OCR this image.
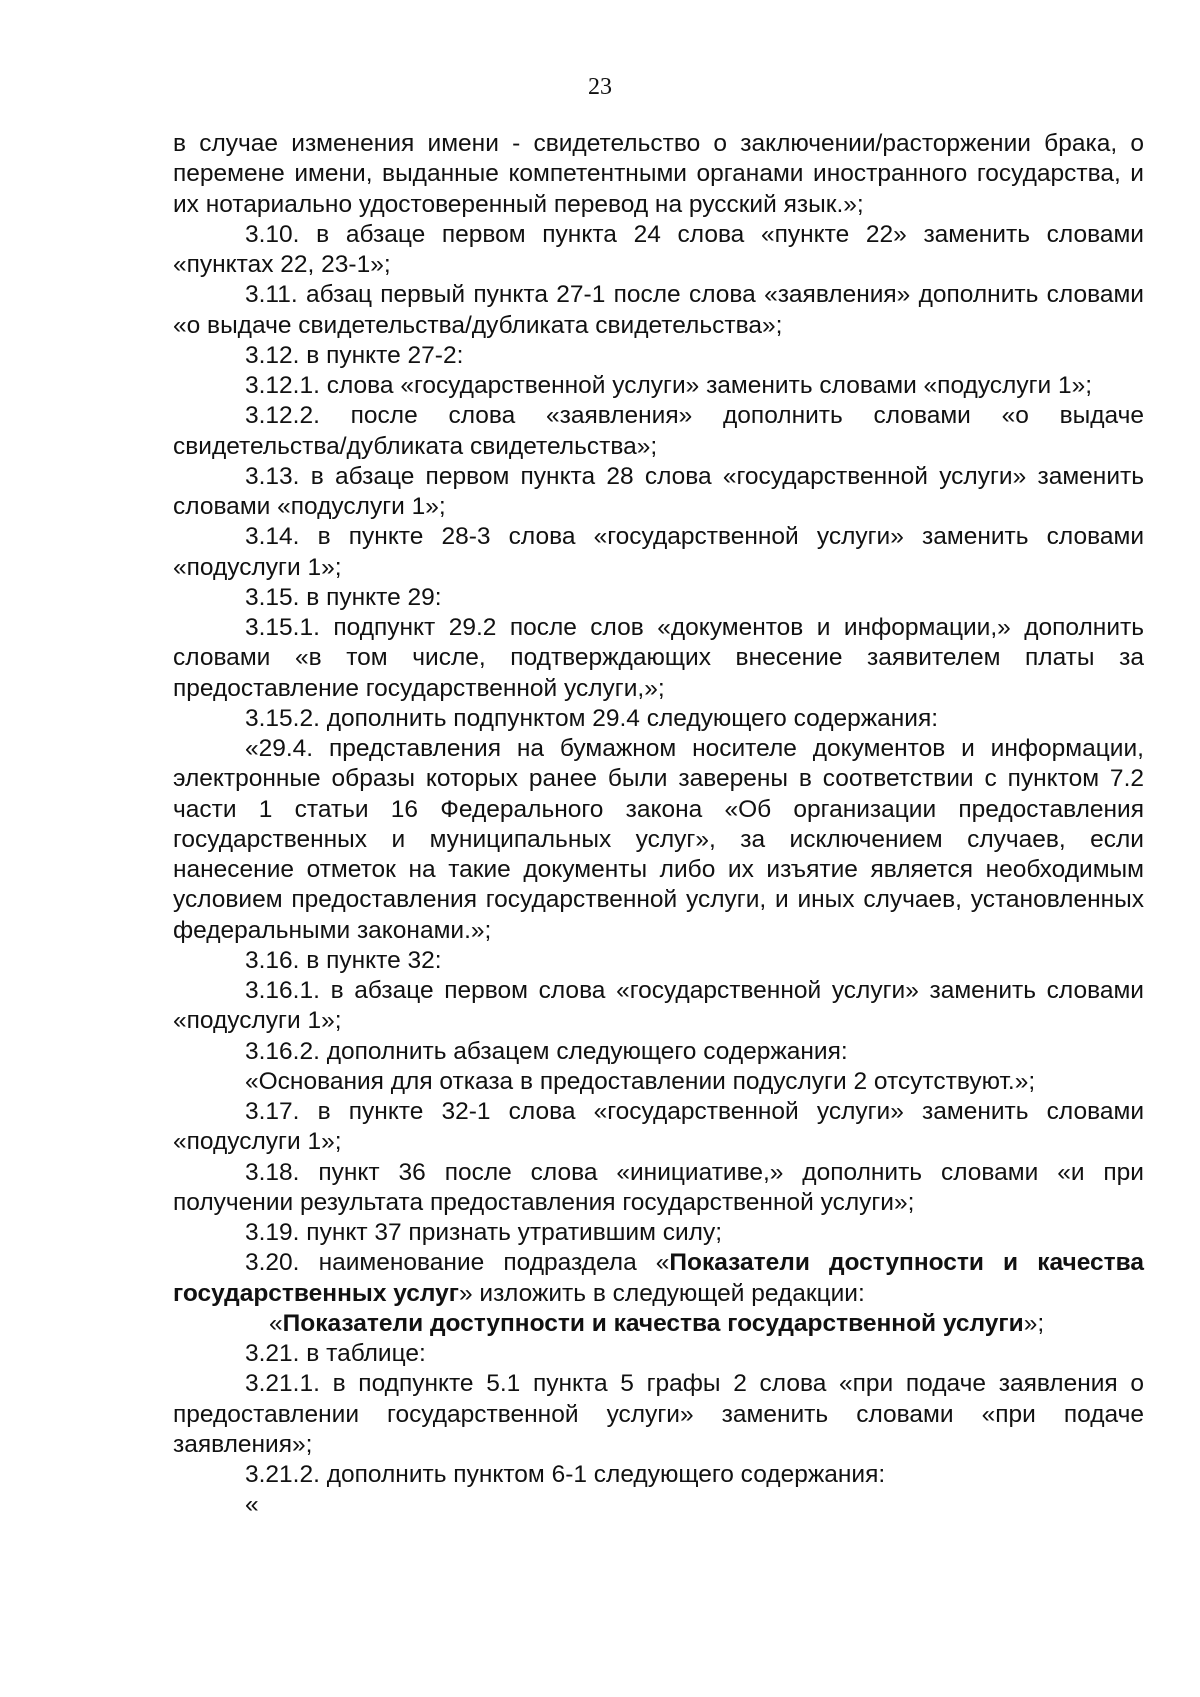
23

в случае изменения имени - свидетельство о заключении/расторжении брака, о перемене имени, выданные компетентными органами иностранного государства, и их нотариально удостоверенный перевод на русский язык.»;

3.10. в абзаце первом пункта 24 слова «пункте 22» заменить словами «пунктах 22, 23-1»;

3.11. абзац первый пункта 27-1 после слова «заявления» дополнить словами «о выдаче свидетельства/дубликата свидетельства»;

3.12. в пункте 27-2:

3.12.1. слова «государственной услуги» заменить словами «подуслуги 1»;

3.12.2. после слова «заявления» дополнить словами «о выдаче свидетельства/дубликата свидетельства»;

3.13. в абзаце первом пункта 28 слова «государственной услуги» заменить словами «подуслуги 1»;

3.14. в пункте 28-3 слова «государственной услуги» заменить словами «подуслуги 1»;

3.15. в пункте 29:

3.15.1. подпункт 29.2 после слов «документов и информации,» дополнить словами «в том числе, подтверждающих внесение заявителем платы за предоставление государственной услуги,»;

3.15.2. дополнить подпунктом 29.4 следующего содержания:

«29.4. представления на бумажном носителе документов и информации, электронные образы которых ранее были заверены в соответствии с пунктом 7.2 части 1 статьи 16 Федерального закона «Об организации предоставления государственных и муниципальных услуг», за исключением случаев, если нанесение отметок на такие документы либо их изъятие является необходимым условием предоставления государственной услуги, и иных случаев, установленных федеральными законами.»;

3.16. в пункте 32:

3.16.1. в абзаце первом слова «государственной услуги» заменить словами «подуслуги 1»;

3.16.2. дополнить абзацем следующего содержания:

«Основания для отказа в предоставлении подуслуги 2 отсутствуют.»;

3.17. в пункте 32-1 слова «государственной услуги» заменить словами «подуслуги 1»;

3.18. пункт 36 после слова «инициативе,» дополнить словами «и при получении результата предоставления государственной услуги»;

3.19. пункт 37 признать утратившим силу;

3.20. наименование подраздела «Показатели доступности и качества государственных услуг» изложить в следующей редакции:

«Показатели доступности и качества государственной услуги»;

3.21. в таблице:

3.21.1. в подпункте 5.1 пункта 5 графы 2 слова «при подаче заявления о предоставлении государственной услуги» заменить словами «при подаче заявления»;

3.21.2. дополнить пунктом 6-1 следующего содержания:

«
